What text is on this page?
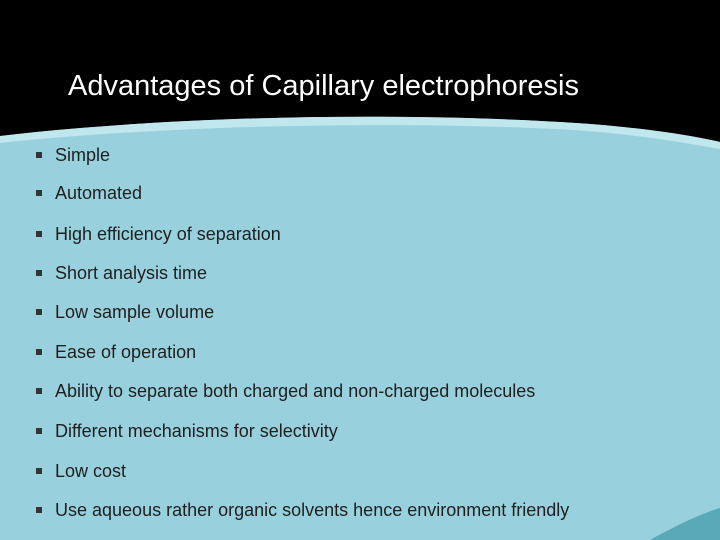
Advantages of Capillary electrophoresis
Simple
Automated
High efficiency of separation
Short analysis time
Low sample volume
Ease of operation
Ability to separate both charged and non-charged molecules
Different mechanisms for selectivity
Low cost
Use aqueous rather organic solvents hence environment friendly
